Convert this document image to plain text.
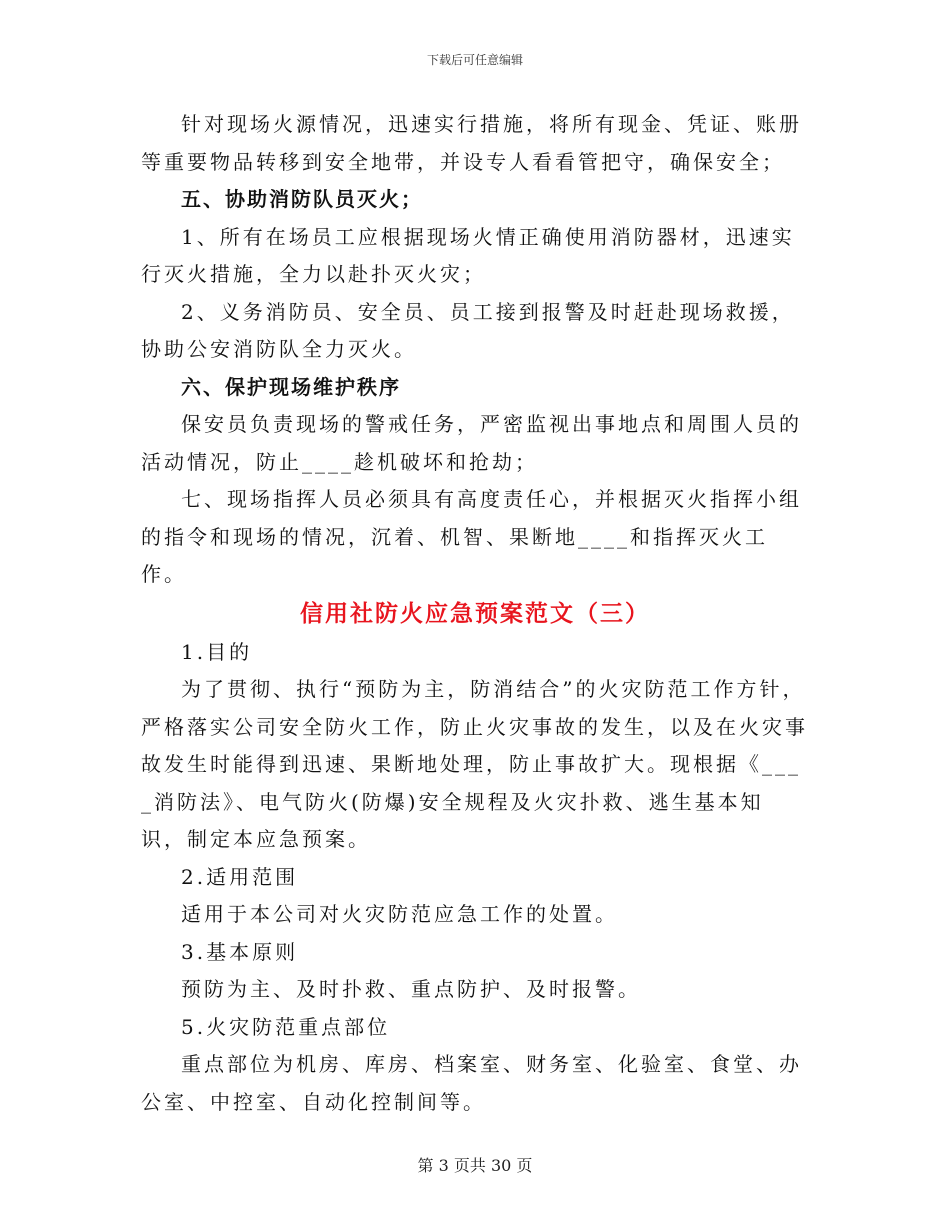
下载后可任意编辑

针对现场火源情况，迅速实行措施，将所有现金、凭证、账册等重要物品转移到安全地带，并设专人看看管把守，确保安全；

五、协助消防队员灭火；

1、所有在场员工应根据现场火情正确使用消防器材，迅速实行灭火措施，全力以赴扑灭火灾；

2、义务消防员、安全员、员工接到报警及时赶赴现场救援，协助公安消防队全力灭火。

六、保护现场维护秩序

保安员负责现场的警戒任务，严密监视出事地点和周围人员的活动情况，防止____趁机破坏和抢劫；

七、现场指挥人员必须具有高度责任心，并根据灭火指挥小组的指令和现场的情况，沉着、机智、果断地____和指挥灭火工作。

信用社防火应急预案范文（三）

1.目的

为了贯彻、执行“预防为主，防消结合”的火灾防范工作方针，严格落实公司安全防火工作，防止火灾事故的发生，以及在火灾事故发生时能得到迅速、果断地处理，防止事故扩大。现根据《____消防法》、电气防火(防爆)安全规程及火灾扑救、逃生基本知识，制定本应急预案。

2.适用范围

适用于本公司对火灾防范应急工作的处置。

3.基本原则

预防为主、及时扑救、重点防护、及时报警。

5.火灾防范重点部位

重点部位为机房、库房、档案室、财务室、化验室、食堂、办公室、中控室、自动化控制间等。

第 3 页共 30 页
